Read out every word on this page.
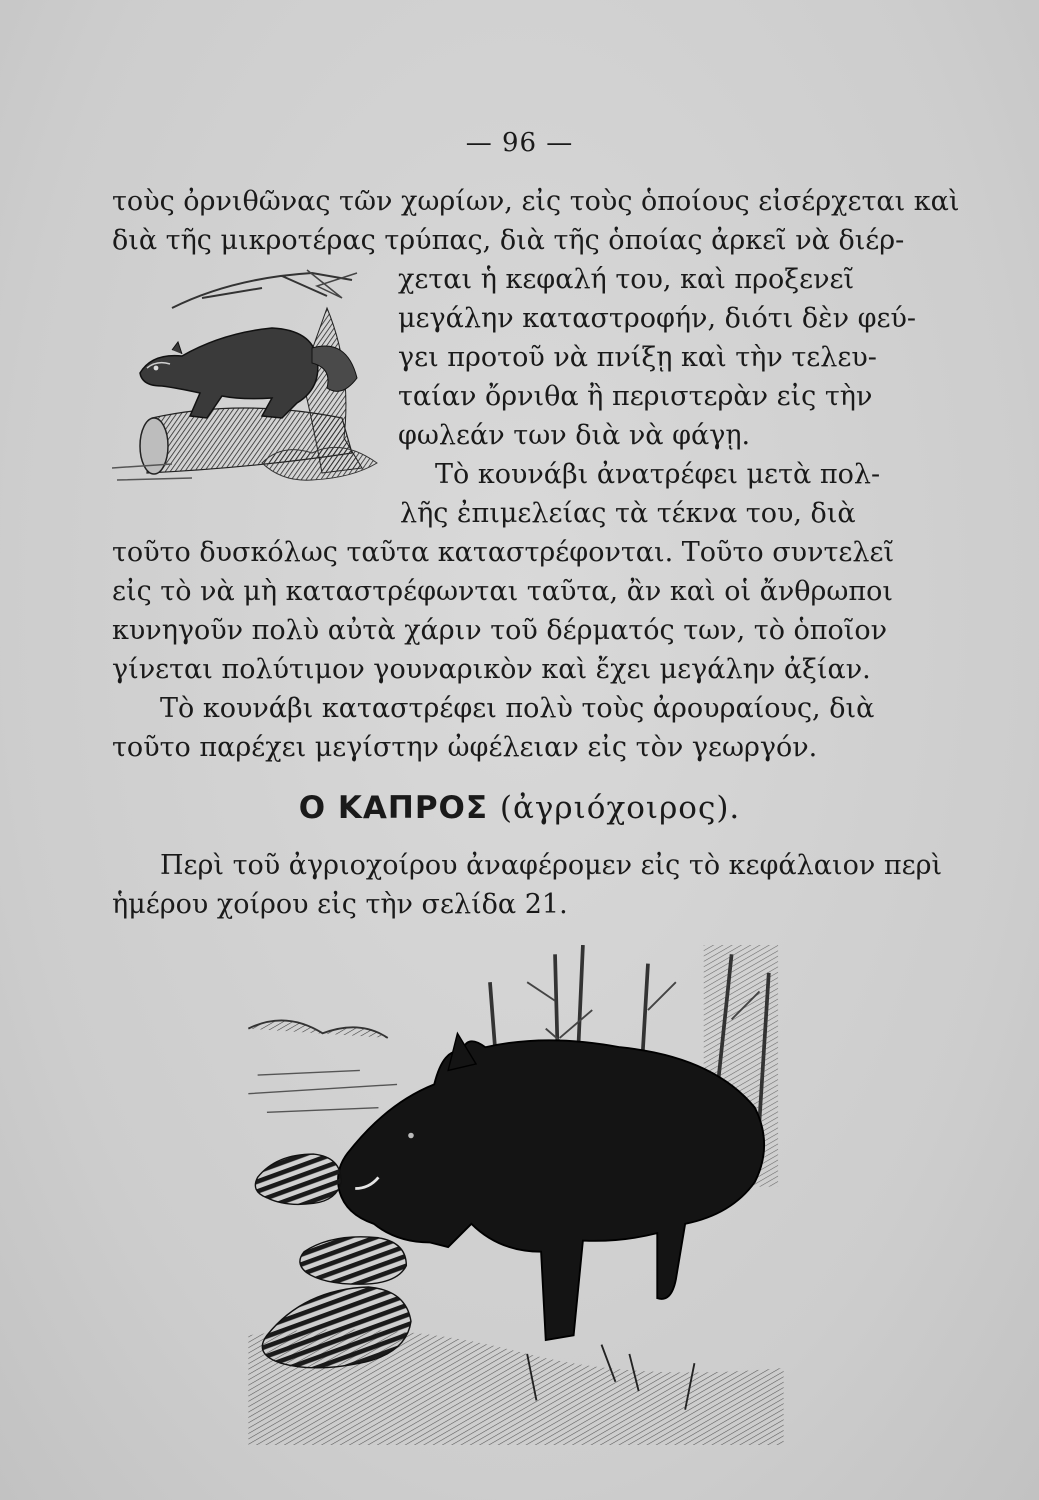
— 96 —
τοὺς ὀρνιθῶνας τῶν χωρίων, εἰς τοὺς ὁποίους εἰσέρχεται καὶ
διὰ τῆς μικροτέρας τρύπας, διὰ τῆς ὁποίας ἀρκεῖ νὰ διέρ-
χεται ἡ κεφαλή του, καὶ προξενεῖ
μεγάλην καταστροφήν, διότι δὲν φεύ-
γει προτοῦ νὰ πνίξῃ καὶ τὴν τελευ-
ταίαν ὄρνιθα ἢ περιστερὰν εἰς τὴν
φωλεάν των διὰ νὰ φάγῃ.
Τὸ κουνάβι ἀνατρέφει μετὰ πολ-
λῆς ἐπιμελείας τὰ τέκνα του, διὰ
τοῦτο δυσκόλως ταῦτα καταστρέφονται. Τοῦτο συντελεῖ
εἰς τὸ νὰ μὴ καταστρέφωνται ταῦτα, ἂν καὶ οἱ ἄνθρωποι
κυνηγοῦν πολὺ αὐτὰ χάριν τοῦ δέρματός των, τὸ ὁποῖον
γίνεται πολύτιμον γουναρικὸν καὶ ἔχει μεγάλην ἀξίαν.
Ο ΚΑΠΡΟΣ (ἀγριόχοιρος).
Τὸ κουνάβι καταστρέφει πολὺ τοὺς ἀρουραίους, διὰ
τοῦτο παρέχει μεγίστην ὠφέλειαν εἰς τὸν γεωργόν.
Περὶ τοῦ ἀγριοχοίρου ἀναφέρομεν εἰς τὸ κεφάλαιον περὶ
ἡμέρου χοίρου εἰς τὴν σελίδα 21.
